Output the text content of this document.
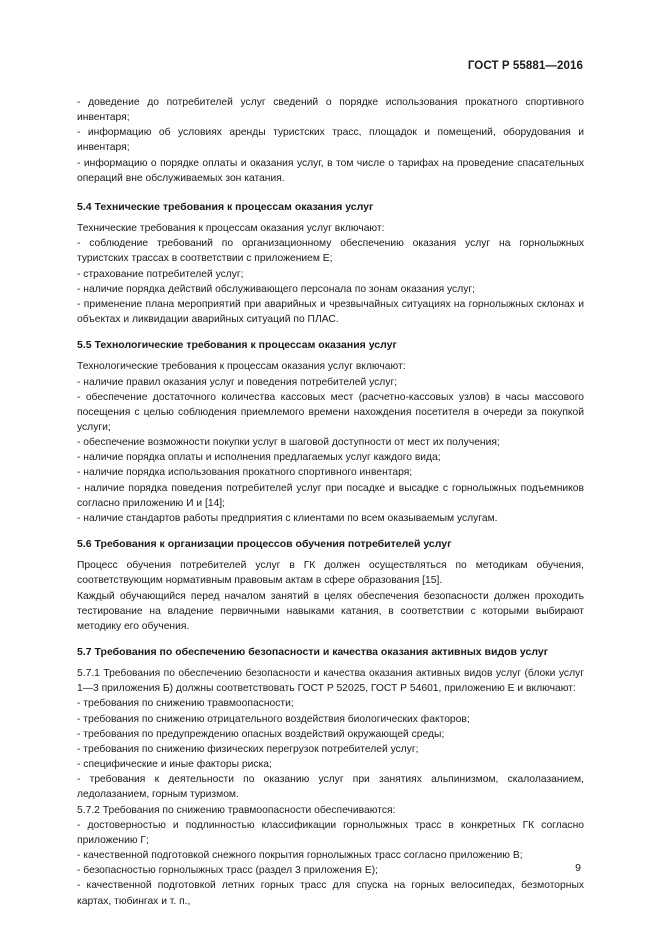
ГОСТ Р 55881—2016

- доведение до потребителей услуг сведений о порядке использования прокатного спортивного инвентаря;

- информацию об условиях аренды туристских трасс, площадок и помещений, оборудования и инвентаря;

- информацию о порядке оплаты и оказания услуг, в том числе о тарифах на проведение спасательных операций вне обслуживаемых зон катания.

5.4 Технические требования к процессам оказания услуг

Технические требования к процессам оказания услуг включают:

- соблюдение требований по организационному обеспечению оказания услуг на горнолыжных туристских трассах в соответствии с приложением Е;

- страхование потребителей услуг;

- наличие порядка действий обслуживающего персонала по зонам оказания услуг;

- применение плана мероприятий при аварийных и чрезвычайных ситуациях на горнолыжных склонах и объектах и ликвидации аварийных ситуаций по ПЛАС.

5.5 Технологические требования к процессам оказания услуг

Технологические требования к процессам оказания услуг включают:

- наличие правил оказания услуг и поведения потребителей услуг;

- обеспечение достаточного количества кассовых мест (расчетно-кассовых узлов) в часы массового посещения с целью соблюдения приемлемого времени нахождения посетителя в очереди за покупкой услуги;

- обеспечение возможности покупки услуг в шаговой доступности от мест их получения;

- наличие порядка оплаты и исполнения предлагаемых услуг каждого вида;

- наличие порядка использования прокатного спортивного инвентаря;

- наличие порядка поведения потребителей услуг при посадке и высадке с горнолыжных подъемников согласно приложению И и [14];

- наличие стандартов работы предприятия с клиентами по всем оказываемым услугам.

5.6 Требования к организации процессов обучения потребителей услуг

Процесс обучения потребителей услуг в ГК должен осуществляться по методикам обучения, соответствующим нормативным правовым актам в сфере образования [15].

Каждый обучающийся перед началом занятий в целях обеспечения безопасности должен проходить тестирование на владение первичными навыками катания, в соответствии с которыми выбирают методику его обучения.

5.7 Требования по обеспечению безопасности и качества оказания активных видов услуг

5.7.1 Требования по обеспечению безопасности и качества оказания активных видов услуг (блоки услуг 1—3 приложения Б) должны соответствовать ГОСТ Р 52025, ГОСТ Р 54601, приложению Е и включают:

- требования по снижению травмоопасности;

- требования по снижению отрицательного воздействия биологических факторов;

- требования по предупреждению опасных воздействий окружающей среды;

- требования по снижению физических перегрузок потребителей услуг;

- специфические и иные факторы риска;

- требования к деятельности по оказанию услуг при занятиях альпинизмом, скалолазанием, ледолазанием, горным туризмом.

5.7.2 Требования по снижению травмоопасности обеспечиваются:

- достоверностью и подлинностью классификации горнолыжных трасс в конкретных ГК согласно приложению Г;

- качественной подготовкой снежного покрытия горнолыжных трасс согласно приложению В;

- безопасностью горнолыжных трасс (раздел 3 приложения Е);

- качественной подготовкой летних горных трасс для спуска на горных велосипедах, безмоторных картах, тюбингах и т. п.,

9
